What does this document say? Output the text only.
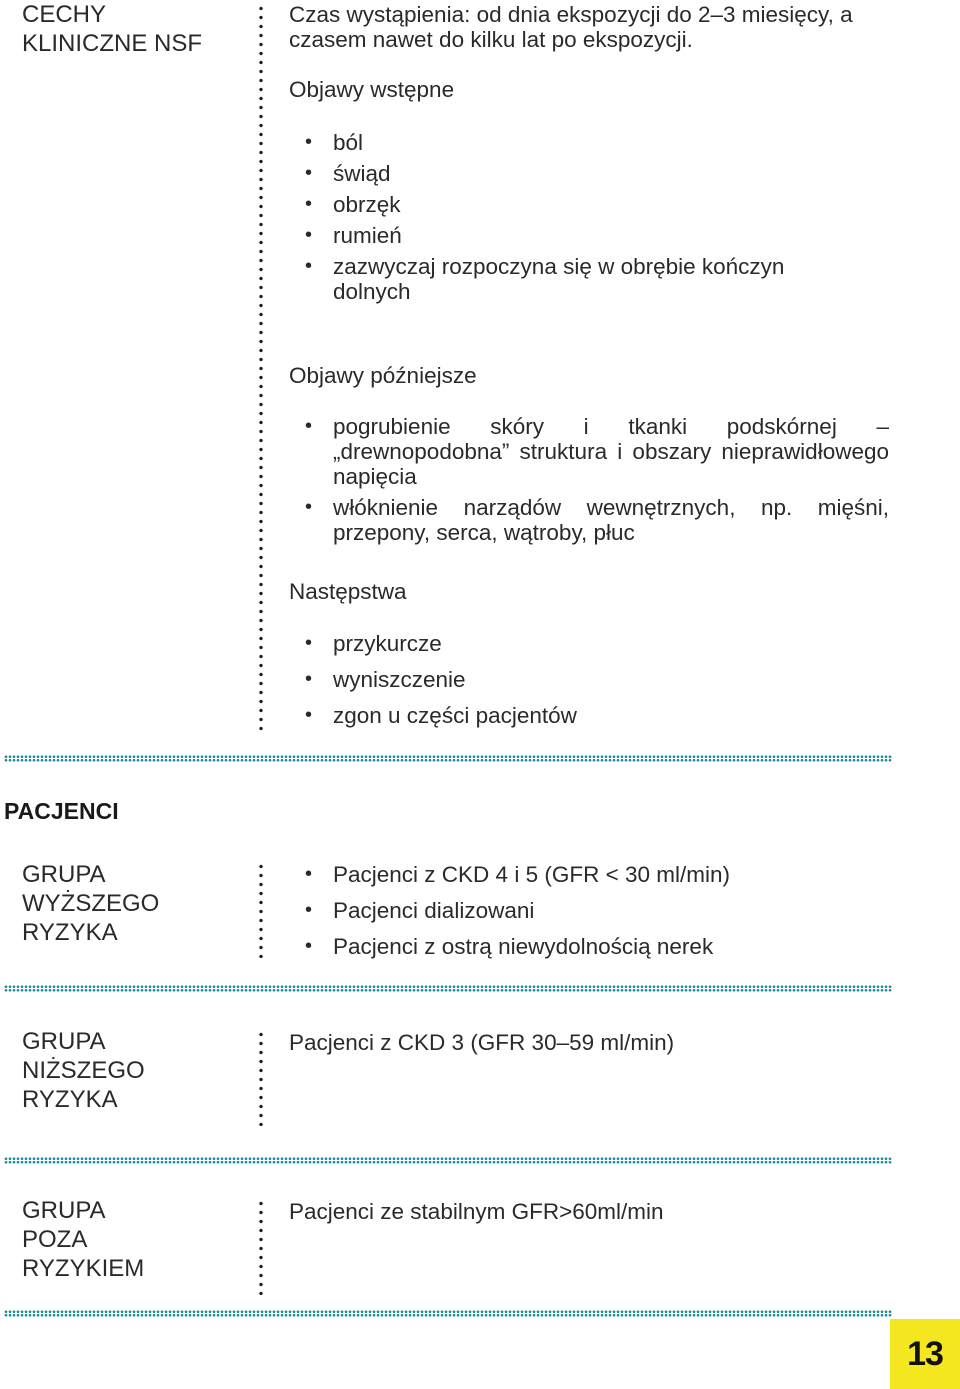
CECHY
KLINICZNE NSF
Czas wystąpienia: od dnia ekspozycji do 2–3 miesięcy, a czasem nawet do kilku lat po ekspozycji.
Objawy wstępne
• ból
• świąd
• obrzęk
• rumień
• zazwyczaj rozpoczyna się w obrębie kończyn dolnych
Objawy późniejsze
• pogrubienie skóry i tkanki podskórnej – „drewnopodobna” struktura i obszary nieprawidłowego napięcia
• włóknienie narządów wewnętrznych, np. mięśni, przepony, serca, wątroby, płuc
Następstwa
• przykurcze
• wyniszczenie
• zgon u części pacjentów
PACJENCI
GRUPA
WYŻSZEGO
RYZYKA
• Pacjenci z CKD 4 i 5 (GFR < 30 ml/min)
• Pacjenci dializowani
• Pacjenci z ostrą niewydolnością nerek
GRUPA
NIŻSZEGO
RYZYKA
Pacjenci z CKD 3 (GFR 30–59 ml/min)
GRUPA
POZA
RYZYKIEM
Pacjenci ze stabilnym GFR>60ml/min
13
